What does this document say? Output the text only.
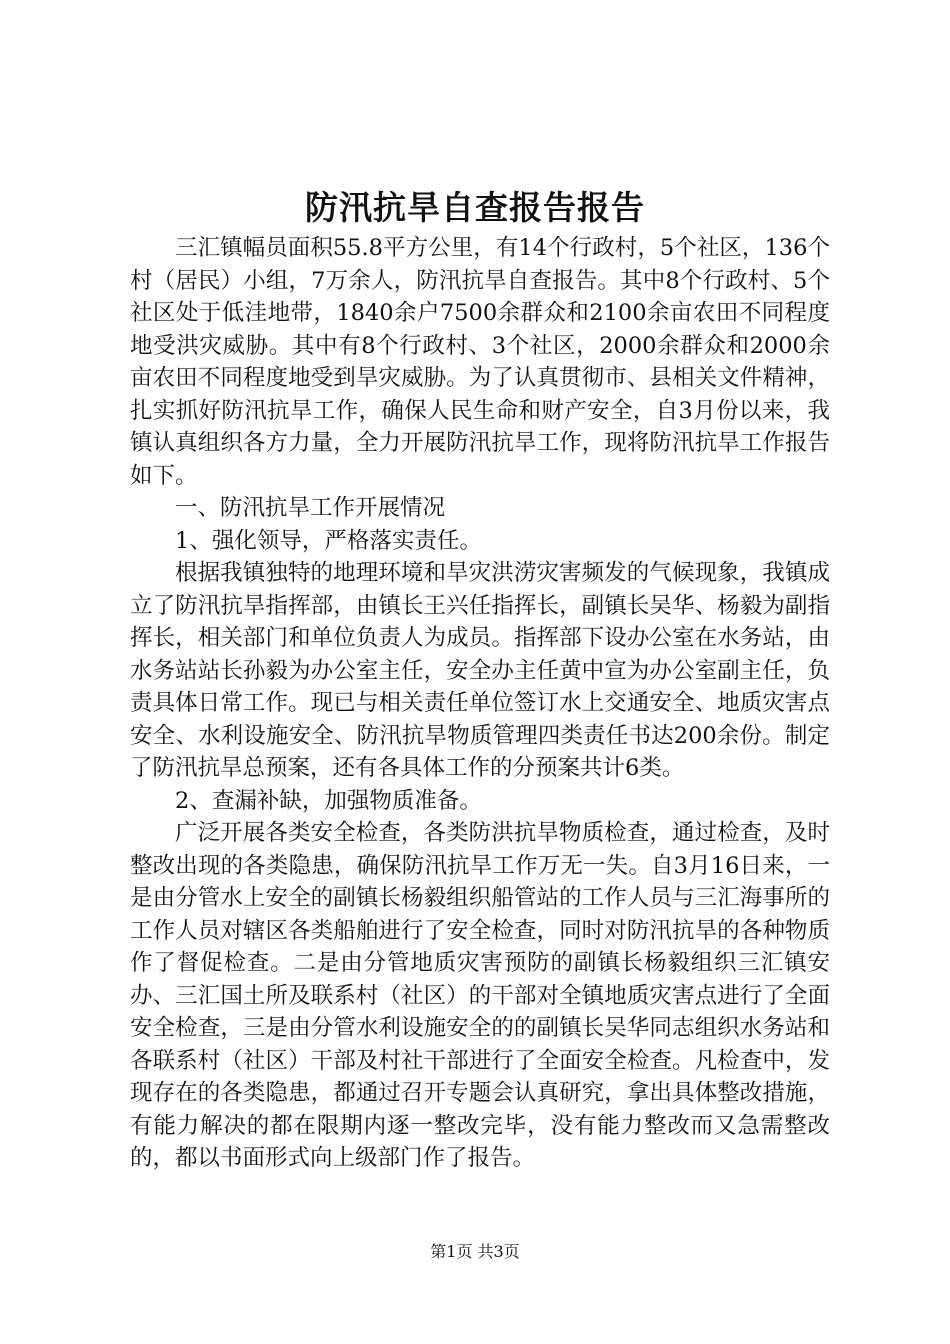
防汛抗旱自查报告报告

三汇镇幅员面积55.8平方公里，有14个行政村，5个社区，136个村（居民）小组，7万余人，防汛抗旱自查报告。其中8个行政村、5个社区处于低洼地带，1840余户7500余群众和2100余亩农田不同程度地受洪灾威胁。其中有8个行政村、3个社区，2000余群众和2000余亩农田不同程度地受到旱灾威胁。为了认真贯彻市、县相关文件精神，扎实抓好防汛抗旱工作，确保人民生命和财产安全，自3月份以来，我镇认真组织各方力量，全力开展防汛抗旱工作，现将防汛抗旱工作报告如下。

一、防汛抗旱工作开展情况

1、强化领导，严格落实责任。

根据我镇独特的地理环境和旱灾洪涝灾害频发的气候现象，我镇成立了防汛抗旱指挥部，由镇长王兴任指挥长，副镇长吴华、杨毅为副指挥长，相关部门和单位负责人为成员。指挥部下设办公室在水务站，由水务站站长孙毅为办公室主任，安全办主任黄中宣为办公室副主任，负责具体日常工作。现已与相关责任单位签订水上交通安全、地质灾害点安全、水利设施安全、防汛抗旱物质管理四类责任书达200余份。制定了防汛抗旱总预案，还有各具体工作的分预案共计6类。

2、查漏补缺，加强物质准备。

广泛开展各类安全检查，各类防洪抗旱物质检查，通过检查，及时整改出现的各类隐患，确保防汛抗旱工作万无一失。自3月16日来，一是由分管水上安全的副镇长杨毅组织船管站的工作人员与三汇海事所的工作人员对辖区各类船舶进行了安全检查，同时对防汛抗旱的各种物质作了督促检查。二是由分管地质灾害预防的副镇长杨毅组织三汇镇安办、三汇国土所及联系村（社区）的干部对全镇地质灾害点进行了全面安全检查，三是由分管水利设施安全的的副镇长吴华同志组织水务站和各联系村（社区）干部及村社干部进行了全面安全检查。凡检查中，发现存在的各类隐患，都通过召开专题会认真研究，拿出具体整改措施，有能力解决的都在限期内逐一整改完毕，没有能力整改而又急需整改的，都以书面形式向上级部门作了报告。

第1页 共3页
